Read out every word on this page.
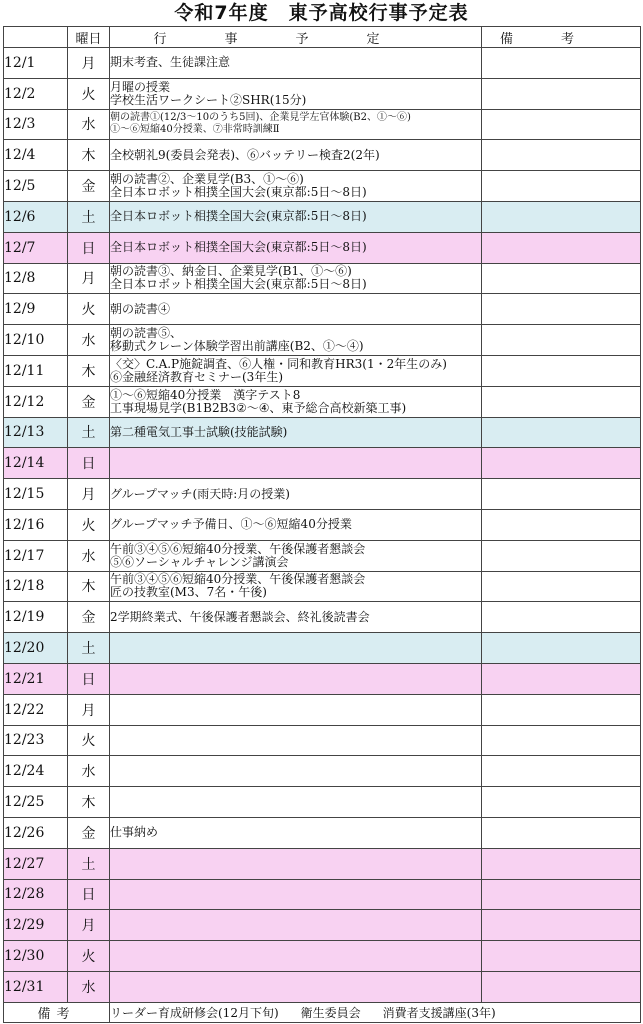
令和7年度　東予高校行事予定表
	曜日	行事予定	備考
12/1	月	期末考査、生徒課注意	

12/2	火	月曜の授業
学校生活ワークシート②SHR(15分)	

12/3	水	朝の読書①(12/3～10のうち5回)、企業見学左官体験(B2、①～⑥)
①～⑥短縮40分授業、⑦非常時訓練Ⅱ	

12/4	木	全校朝礼9(委員会発表)、⑥バッテリー検査2(2年)	

12/5	金	朝の読書②、企業見学(B3、①～⑥)
全日本ロボット相撲全国大会(東京都:5日～8日)	

12/6	土	全日本ロボット相撲全国大会(東京都:5日～8日)	

12/7	日	全日本ロボット相撲全国大会(東京都:5日～8日)	

12/8	月	朝の読書③、納金日、企業見学(B1、①～⑥)
全日本ロボット相撲全国大会(東京都:5日～8日)	

12/9	火	朝の読書④	

12/10	水	朝の読書⑤、
移動式クレーン体験学習出前講座(B2、①～④)	

12/11	木	〈交〉C.A.P施錠調査、⑥人権・同和教育HR3(1・2年生のみ)
⑥金融経済教育セミナー(3年生)	

12/12	金	①～⑥短縮40分授業　漢字テスト8
工事現場見学(B1B2B3②～④、東予総合高校新築工事)	

12/13	土	第二種電気工事士試験(技能試験)	

12/14	日		
12/15	月	グループマッチ(雨天時:月の授業)	

12/16	火	グループマッチ予備日、①～⑥短縮40分授業	

12/17	水	午前③④⑤⑥短縮40分授業、午後保護者懇談会
⑤⑥ソーシャルチャレンジ講演会	

12/18	木	午前③④⑤⑥短縮40分授業、午後保護者懇談会
匠の技教室(M3、7名・午後)	

12/19	金	2学期終業式、午後保護者懇談会、終礼後読書会	

12/20	土		
12/21	日		
12/22	月		
12/23	火		
12/24	水		
12/25	木		
12/26	金	仕事納め	

12/27	土		
12/28	日		
12/29	月		
12/30	火		
12/31	水		
備考		リーダー育成研修会(12月下旬) 衛生委員会 消費者支援講座(3年)	
